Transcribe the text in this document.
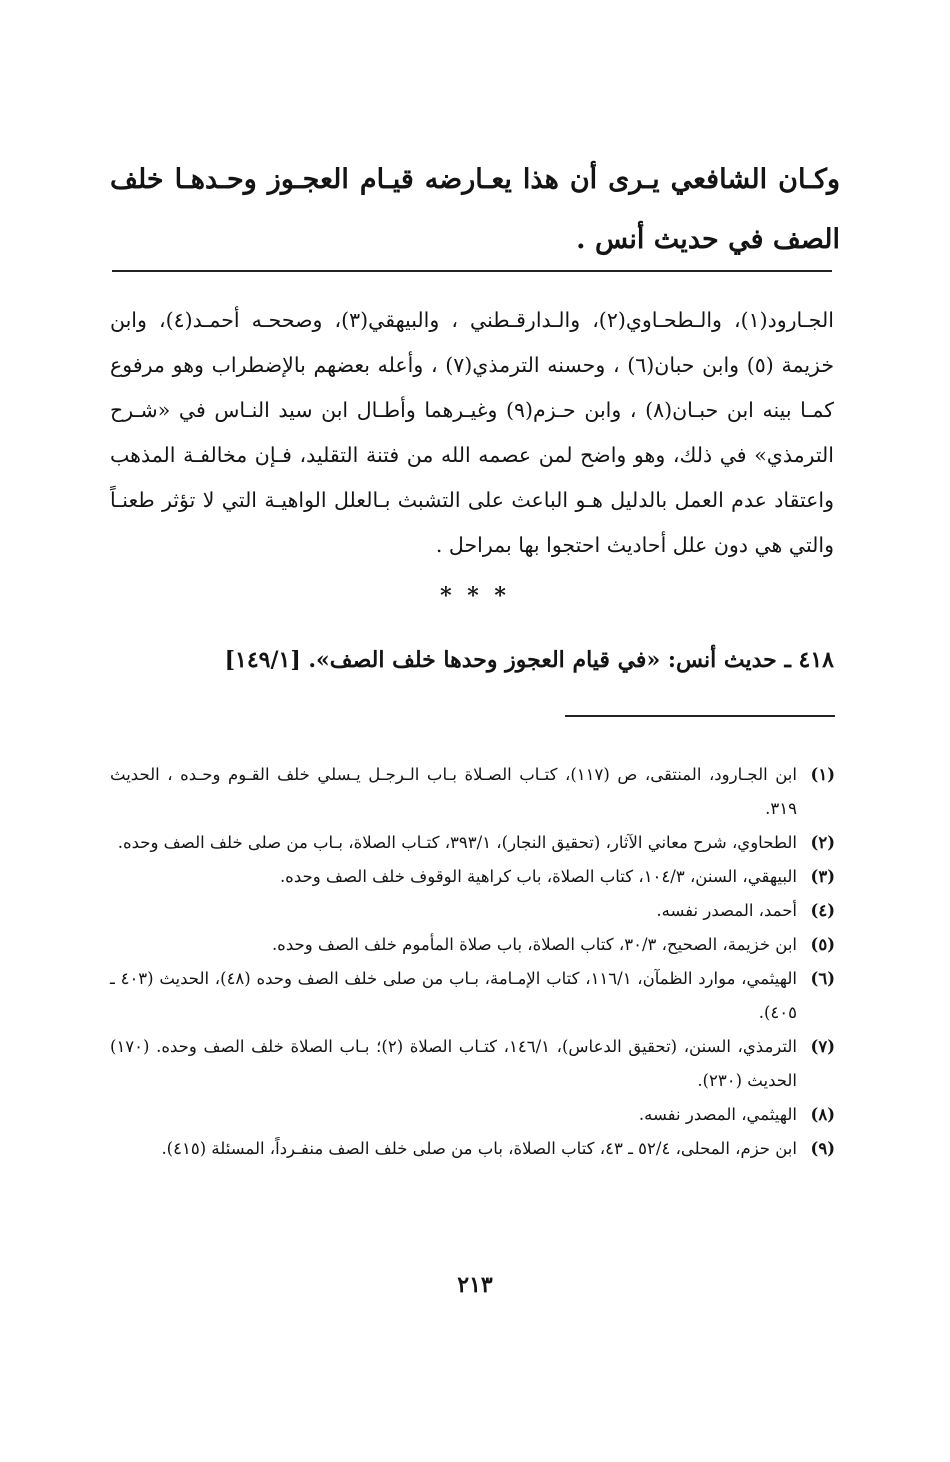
وكـان الشافعي يـرى أن هذا يعـارضه قيـام العجـوز وحـدهـا خلف الصف في حديث أنس .

الجـارود(١)، والـطحـاوي(٢)، والـدارقـطني ، والبيهقي(٣)، وصححـه أحمـد(٤)، وابن خزيمة (٥) وابن حبان(٦) ، وحسنه الترمذي(٧) ، وأعله بعضهم بالإضطراب وهو مرفوع كمـا بينه ابن حبـان(٨) ، وابن حـزم(٩) وغيـرهما وأطـال ابن سيد النـاس في «شـرح الترمذي» في ذلك، وهو واضح لمن عصمه الله من فتنة التقليد، فـإن مخالفـة المذهب واعتقاد عدم العمل بالدليل هـو الباعث على التشبث بـالعلل الواهيـة التي لا تؤثر طعنـاً والتي هي دون علل أحاديث احتجوا بها بمراحل .

* * *

٤١٨ ـ حديث أنس: «في قيام العجوز وحدها خلف الصف». [١٤٩/١]

(١)
ابن الجـارود، المنتقى، ص (١١٧)، كتـاب الصـلاة بـاب الـرجـل يـسلي خلف القـوم وحـده ، الحديث ٣١٩.
(٢)
الطحاوي، شرح معاني الآثار، (تحقيق النجار)، ٣٩٣/١، كتـاب الصلاة، بـاب من صلى خلف الصف وحده.
(٣)
البيهقي، السنن، ١٠٤/٣، كتاب الصلاة، باب كراهية الوقوف خلف الصف وحده.
(٤)
أحمد، المصدر نفسه.
(٥)
ابن خزيمة، الصحيح، ٣٠/٣، كتاب الصلاة، باب صلاة المأموم خلف الصف وحده.
(٦)
الهيثمي، موارد الظمآن، ١١٦/١، كتاب الإمـامة، بـاب من صلى خلف الصف وحده (٤٨)، الحديث (٤٠٣ ـ ٤٠٥).
(٧)
الترمذي، السنن، (تحقيق الدعاس)، ١٤٦/١، كتـاب الصلاة (٢)؛ بـاب الصلاة خلف الصف وحده. (١٧٠) الحديث (٢٣٠).
(٨)
الهيثمي، المصدر نفسه.
(٩)
ابن حزم، المحلى، ٥٢/٤ ـ ٤٣، كتاب الصلاة، باب من صلى خلف الصف منفـرداً، المسئلة (٤١٥).
٢١٣
